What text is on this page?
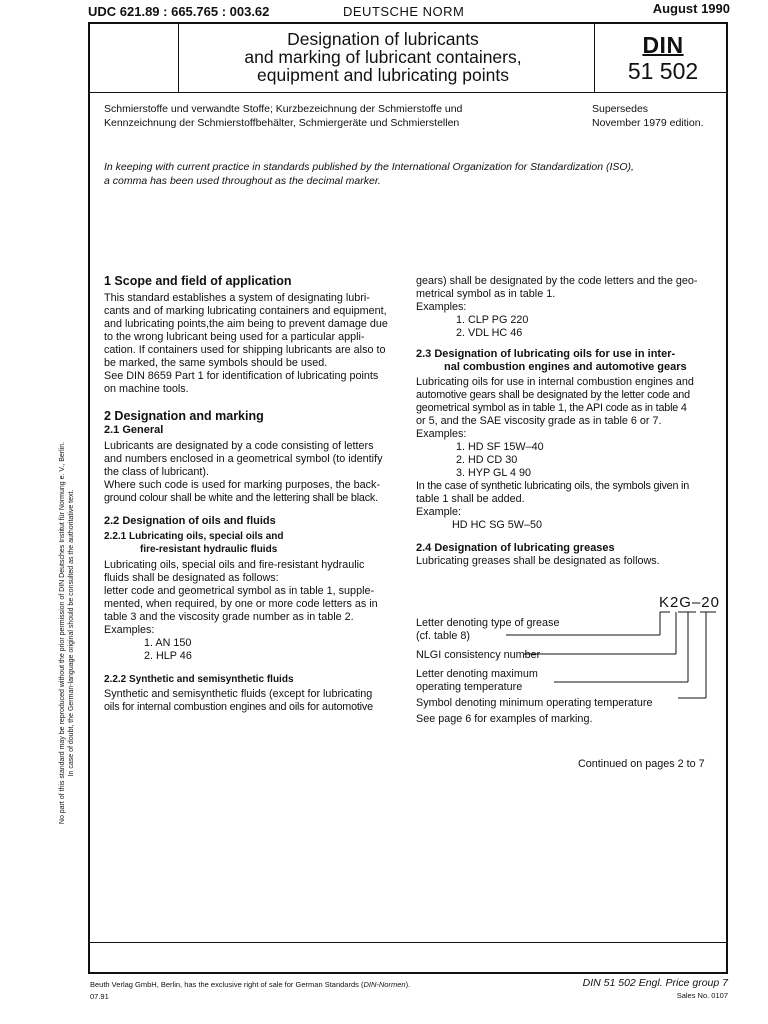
UDC 621.89 : 665.765 : 003.62	DEUTSCHE NORM	August 1990
Designation of lubricants
and marking of lubricant containers,
equipment and lubricating points
DIN
51 502
Schmierstoffe und verwandte Stoffe; Kurzbezeichnung der Schmierstoffe und
Kennzeichnung der Schmierstoffbehälter, Schmiergeräte und Schmierstellen
Supersedes
November 1979 edition.
In keeping with current practice in standards published by the International Organization for Standardization (ISO),
a comma has been used throughout as the decimal marker.
No part of this standard may be reproduced without the prior permission of DIN Deutsches Institut für Normung e. V., Berlin. In case of doubt, the German-language original should be consulted as the authoritative text.

1 Scope and field of application

This standard establishes a system of designating lubri-

cants and of marking lubricating containers and equipment,

and lubricating points,the aim being to prevent damage due

to the wrong lubricant being used for a particular appli-

cation. If containers used for shipping lubricants are also to

be marked, the same symbols should be used.

See DIN 8659 Part 1 for identification of lubricating points

on machine tools.

2 Designation and marking

2.1 General

Lubricants are designated by a code consisting of letters

and numbers enclosed in a geometrical symbol (to identify

the class of lubricant).

Where such code is used for marking purposes, the back-

ground colour shall be white and the lettering shall be black.

2.2 Designation of oils and fluids

2.2.1 Lubricating oils, special oils and

fire-resistant hydraulic fluids

Lubricating oils, special oils and fire-resistant hydraulic

fluids shall be designated as follows:

letter code and geometrical symbol as in table 1, supple-

mented, when required, by one or more code letters as in

table 3 and the viscosity grade number as in table 2.

Examples:

1. AN 150

2. HLP 46

2.2.2 Synthetic and semisynthetic fluids

Synthetic and semisynthetic fluids (except for lubricating

oils for internal combustion engines and oils for automotive

gears) shall be designated by the code letters and the geo-

metrical symbol as in table 1.

Examples:

1. CLP PG 220

2. VDL HC 46

2.3 Designation of lubricating oils for use in inter-

nal combustion engines and automotive gears

Lubricating oils for use in internal combustion engines and

automotive gears shall be designated by the letter code and

geometrical symbol as in table 1, the API code as in table 4

or 5, and the SAE viscosity grade as in table 6 or 7.

Examples:

1. HD SF 15W–40

2. HD CD 30

3. HYP GL 4 90

In the case of synthetic lubricating oils, the symbols given in

table 1 shall be added.

Example:

HD HC SG 5W–50

2.4 Designation of lubricating greases

Lubricating greases shall be designated as follows.

K2G–20

Letter denoting type of grease

(cf. table 8)

NLGI consistency number

Letter denoting maximum

operating temperature

Symbol denoting minimum operating temperature

See page 6 for examples of marking.

Continued on pages 2 to 7
Beuth Verlag GmbH, Berlin, has the exclusive right of sale for German Standards (DIN-Normen).
07.91
DIN 51 502 Engl. Price group 7
Sales No. 0107
